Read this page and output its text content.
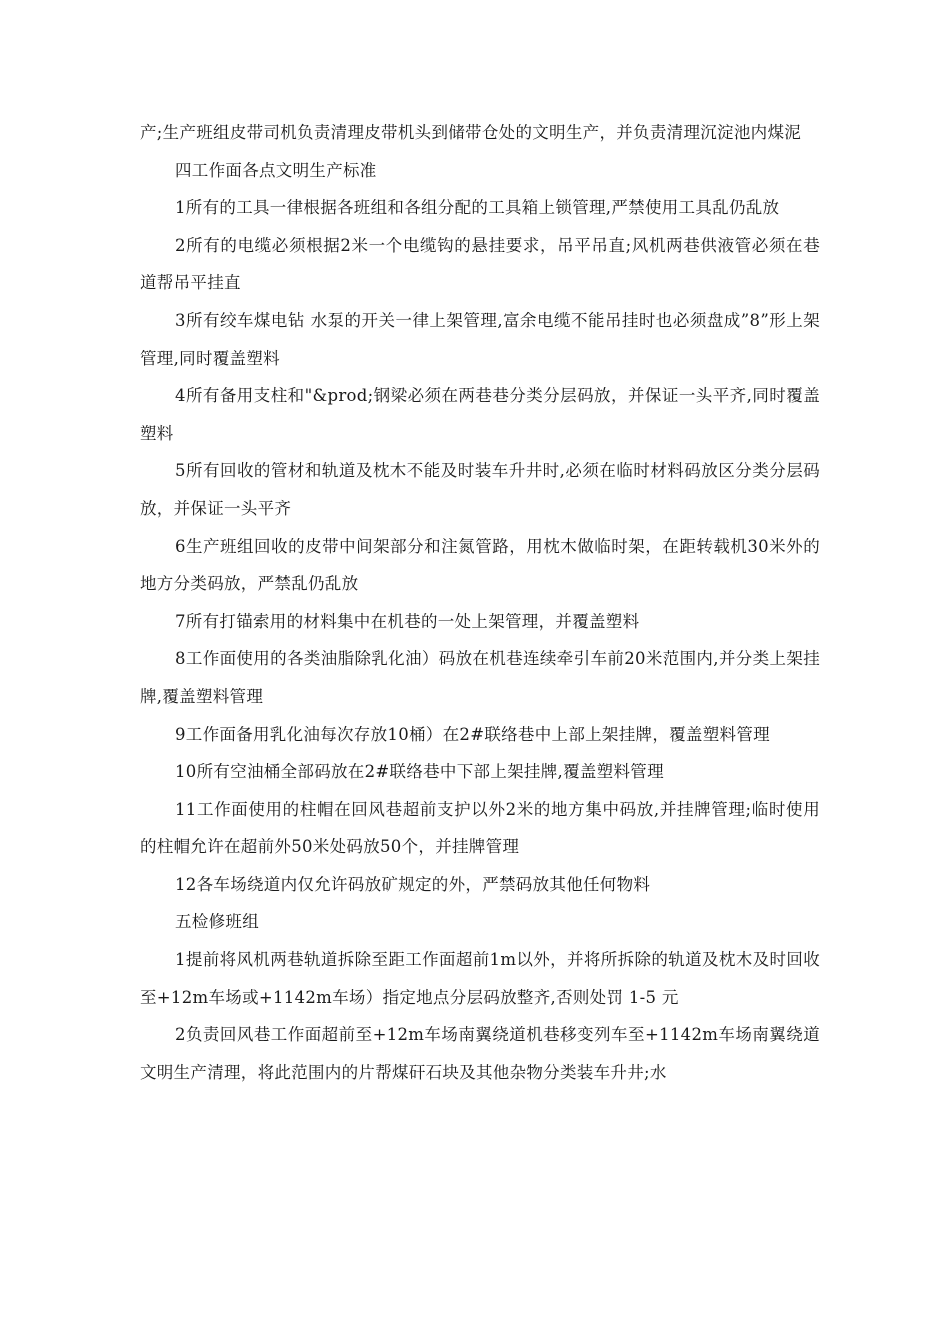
产;生产班组皮带司机负责清理皮带机头到储带仓处的文明生产，并负责清理沉淀池内煤泥

四工作面各点文明生产标准

1所有的工具一律根据各班组和各组分配的工具箱上锁管理,严禁使用工具乱仍乱放

2所有的电缆必须根据2米一个电缆钩的悬挂要求，吊平吊直;风机两巷供液管必须在巷道帮吊平挂直

3所有绞车煤电钻 水泵的开关一律上架管理,富余电缆不能吊挂时也必须盘成”8”形上架管理,同时覆盖塑料

4所有备用支柱和"&prod;钢梁必须在两巷巷分类分层码放，并保证一头平齐,同时覆盖塑料

5所有回收的管材和轨道及枕木不能及时装车升井时,必须在临时材料码放区分类分层码放，并保证一头平齐

6生产班组回收的皮带中间架部分和注氮管路，用枕木做临时架，在距转载机30米外的地方分类码放，严禁乱仍乱放

7所有打锚索用的材料集中在机巷的一处上架管理，并覆盖塑料

8工作面使用的各类油脂除乳化油）码放在机巷连续牵引车前20米范围内,并分类上架挂牌,覆盖塑料管理

9工作面备用乳化油每次存放10桶）在2#联络巷中上部上架挂牌，覆盖塑料管理

10所有空油桶全部码放在2#联络巷中下部上架挂牌,覆盖塑料管理

11工作面使用的柱帽在回风巷超前支护以外2米的地方集中码放,并挂牌管理;临时使用的柱帽允许在超前外50米处码放50个，并挂牌管理

12各车场绕道内仅允许码放矿规定的外，严禁码放其他任何物料

五检修班组

1提前将风机两巷轨道拆除至距工作面超前1m以外，并将所拆除的轨道及枕木及时回收至+12m车场或+1142m车场）指定地点分层码放整齐,否则处罚 1-5 元

2负责回风巷工作面超前至+12m车场南翼绕道机巷移变列车至+1142m车场南翼绕道文明生产清理，将此范围内的片帮煤矸石块及其他杂物分类装车升井;水
